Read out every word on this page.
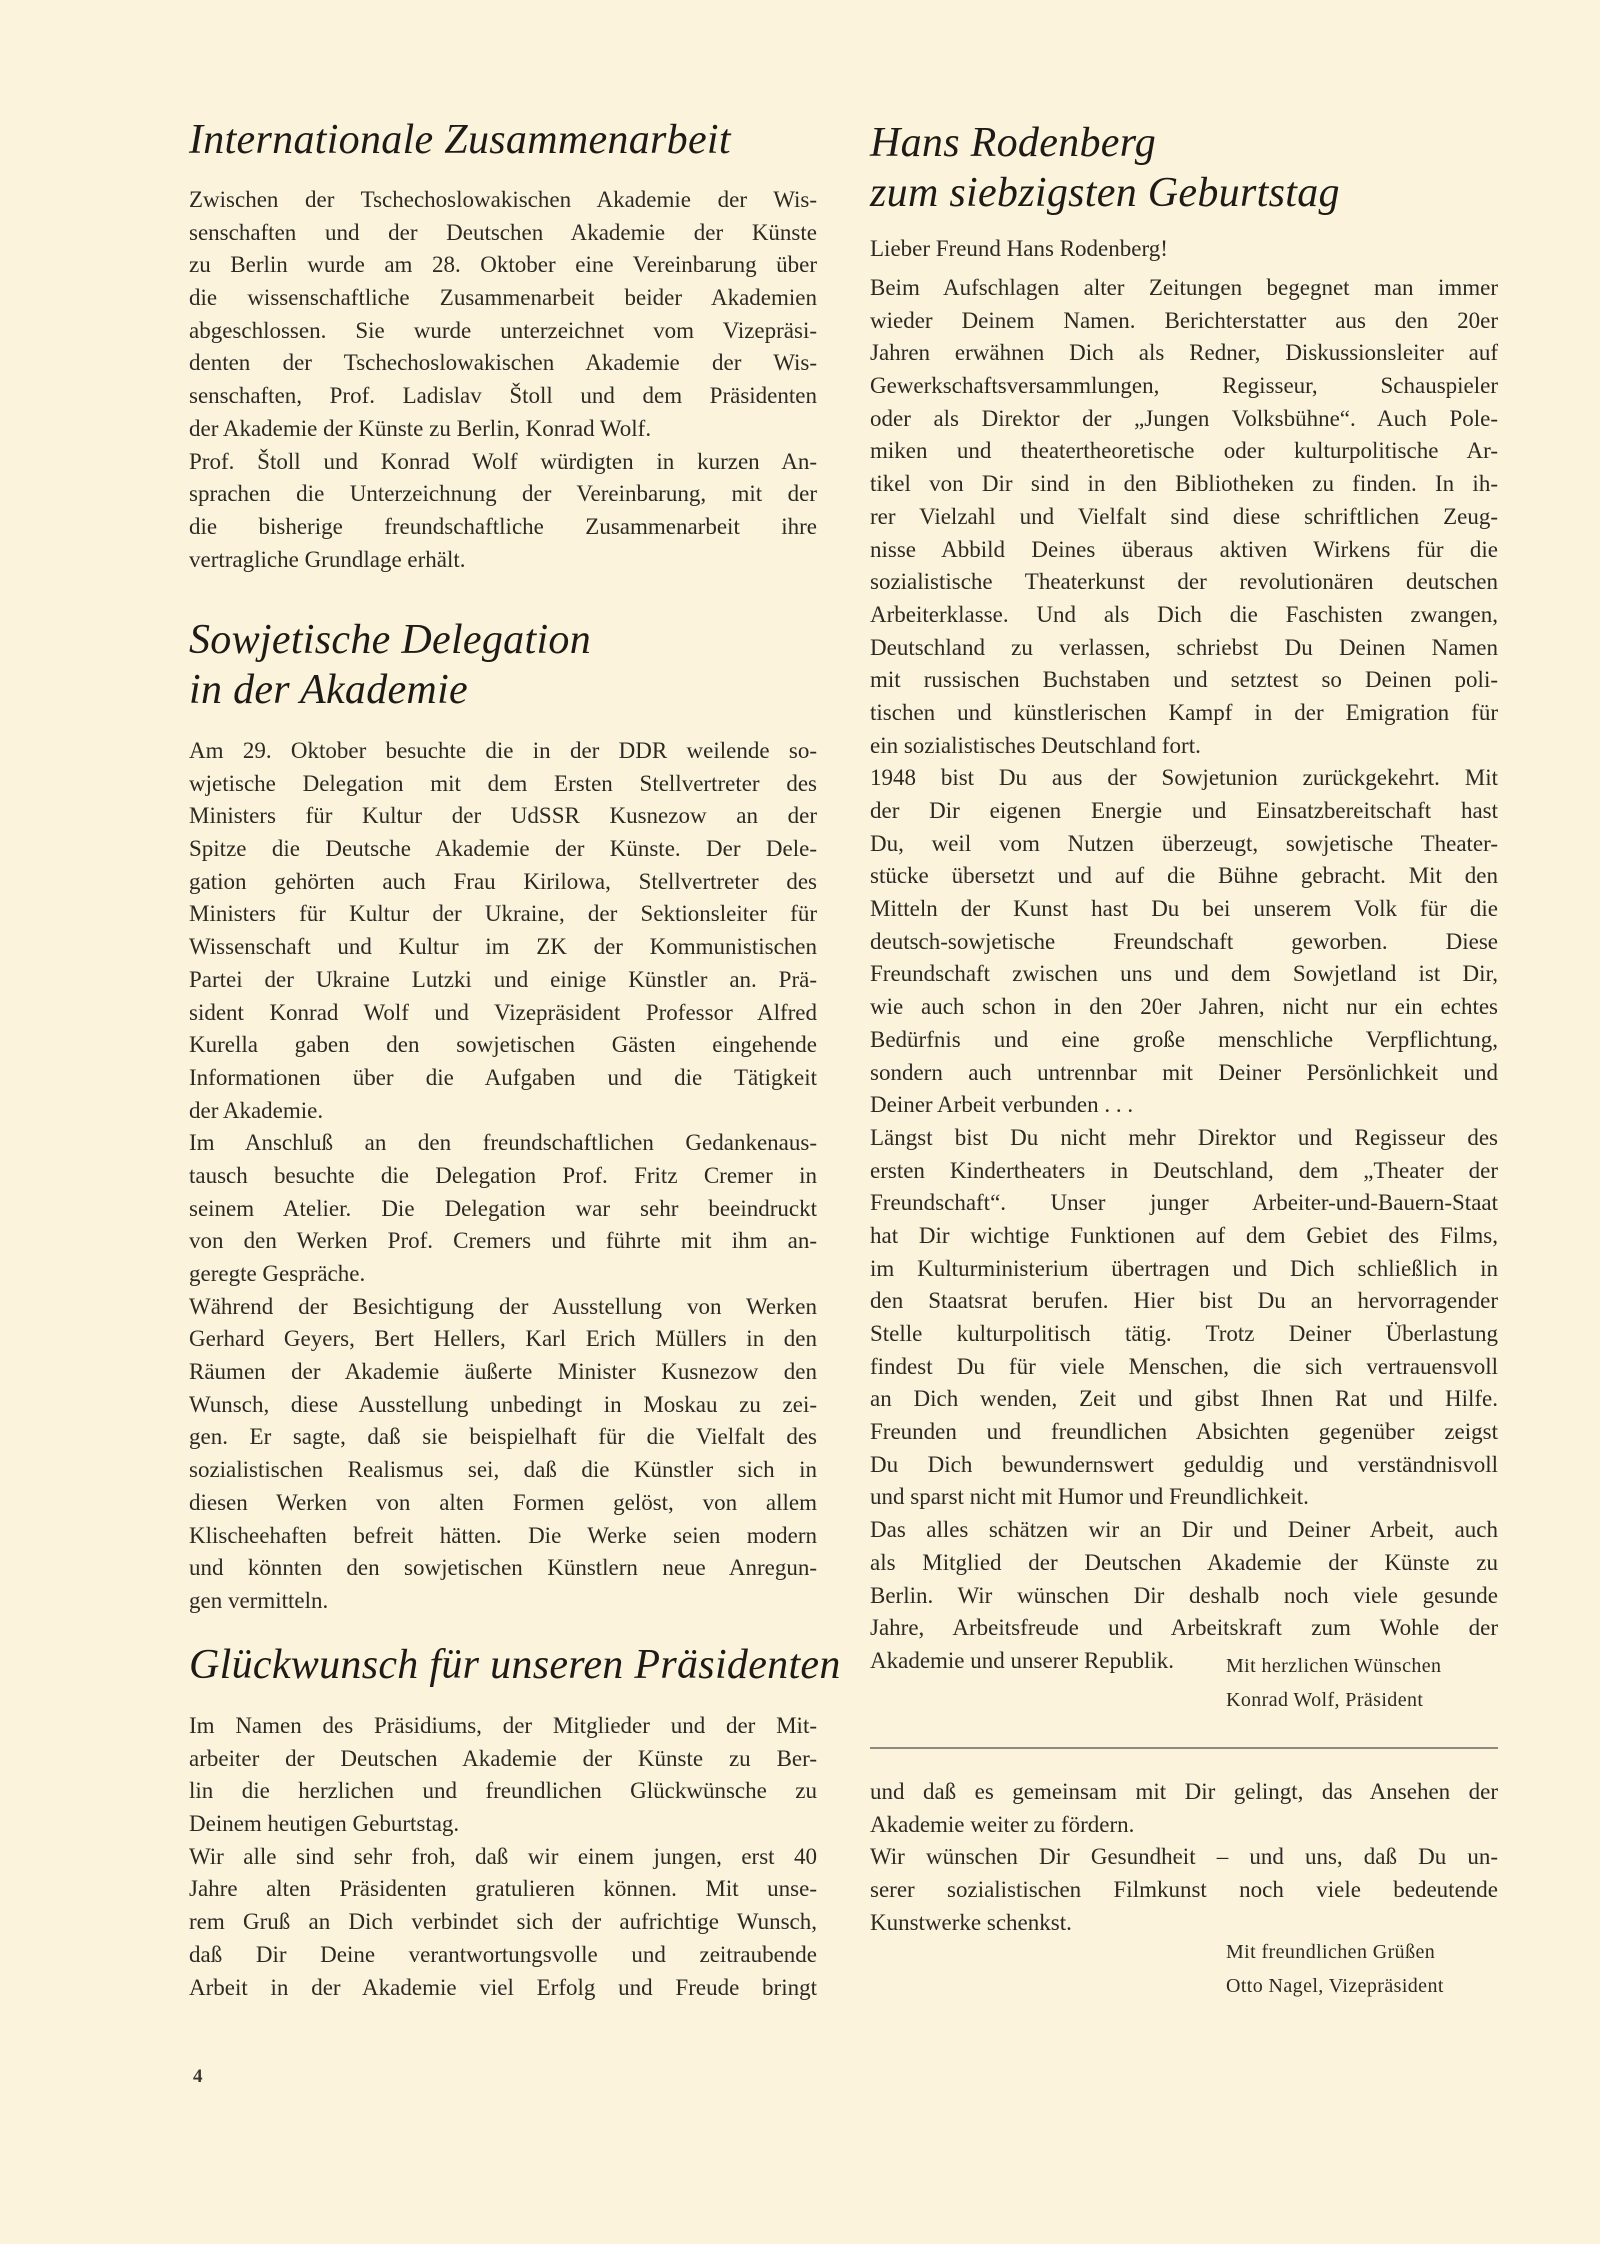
Internationale Zusammenarbeit
Zwischen der Tschechoslowakischen Akademie der Wis-
senschaften und der Deutschen Akademie der Künste
zu Berlin wurde am 28. Oktober eine Vereinbarung über
die wissenschaftliche Zusammenarbeit beider Akademien
abgeschlossen. Sie wurde unterzeichnet vom Vizepräsi-
denten der Tschechoslowakischen Akademie der Wis-
senschaften, Prof. Ladislav Štoll und dem Präsidenten
der Akademie der Künste zu Berlin, Konrad Wolf.
Prof. Štoll und Konrad Wolf würdigten in kurzen An-
sprachen die Unterzeichnung der Vereinbarung, mit der
die bisherige freundschaftliche Zusammenarbeit ihre
vertragliche Grundlage erhält.
Sowjetische Delegation
in der Akademie
Am 29. Oktober besuchte die in der DDR weilende so-
wjetische Delegation mit dem Ersten Stellvertreter des
Ministers für Kultur der UdSSR Kusnezow an der
Spitze die Deutsche Akademie der Künste. Der Dele-
gation gehörten auch Frau Kirilowa, Stellvertreter des
Ministers für Kultur der Ukraine, der Sektionsleiter für
Wissenschaft und Kultur im ZK der Kommunistischen
Partei der Ukraine Lutzki und einige Künstler an. Prä-
sident Konrad Wolf und Vizepräsident Professor Alfred
Kurella gaben den sowjetischen Gästen eingehende
Informationen über die Aufgaben und die Tätigkeit
der Akademie.
Im Anschluß an den freundschaftlichen Gedankenaus-
tausch besuchte die Delegation Prof. Fritz Cremer in
seinem Atelier. Die Delegation war sehr beeindruckt
von den Werken Prof. Cremers und führte mit ihm an-
geregte Gespräche.
Während der Besichtigung der Ausstellung von Werken
Gerhard Geyers, Bert Hellers, Karl Erich Müllers in den
Räumen der Akademie äußerte Minister Kusnezow den
Wunsch, diese Ausstellung unbedingt in Moskau zu zei-
gen. Er sagte, daß sie beispielhaft für die Vielfalt des
sozialistischen Realismus sei, daß die Künstler sich in
diesen Werken von alten Formen gelöst, von allem
Klischeehaften befreit hätten. Die Werke seien modern
und könnten den sowjetischen Künstlern neue Anregun-
gen vermitteln.
Glückwunsch für unseren Präsidenten
Im Namen des Präsidiums, der Mitglieder und der Mit-
arbeiter der Deutschen Akademie der Künste zu Ber-
lin die herzlichen und freundlichen Glückwünsche zu
Deinem heutigen Geburtstag.
Wir alle sind sehr froh, daß wir einem jungen, erst 40
Jahre alten Präsidenten gratulieren können. Mit unse-
rem Gruß an Dich verbindet sich der aufrichtige Wunsch,
daß Dir Deine verantwortungsvolle und zeitraubende
Arbeit in der Akademie viel Erfolg und Freude bringt
Hans Rodenberg
zum siebzigsten Geburtstag
Lieber Freund Hans Rodenberg!
Beim Aufschlagen alter Zeitungen begegnet man immer
wieder Deinem Namen. Berichterstatter aus den 20er
Jahren erwähnen Dich als Redner, Diskussionsleiter auf
Gewerkschaftsversammlungen, Regisseur, Schauspieler
oder als Direktor der „Jungen Volksbühne“. Auch Pole-
miken und theatertheoretische oder kulturpolitische Ar-
tikel von Dir sind in den Bibliotheken zu finden. In ih-
rer Vielzahl und Vielfalt sind diese schriftlichen Zeug-
nisse Abbild Deines überaus aktiven Wirkens für die
sozialistische Theaterkunst der revolutionären deutschen
Arbeiterklasse. Und als Dich die Faschisten zwangen,
Deutschland zu verlassen, schriebst Du Deinen Namen
mit russischen Buchstaben und setztest so Deinen poli-
tischen und künstlerischen Kampf in der Emigration für
ein sozialistisches Deutschland fort.
1948 bist Du aus der Sowjetunion zurückgekehrt. Mit
der Dir eigenen Energie und Einsatzbereitschaft hast
Du, weil vom Nutzen überzeugt, sowjetische Theater-
stücke übersetzt und auf die Bühne gebracht. Mit den
Mitteln der Kunst hast Du bei unserem Volk für die
deutsch-sowjetische Freundschaft geworben. Diese
Freundschaft zwischen uns und dem Sowjetland ist Dir,
wie auch schon in den 20er Jahren, nicht nur ein echtes
Bedürfnis und eine große menschliche Verpflichtung,
sondern auch untrennbar mit Deiner Persönlichkeit und
Deiner Arbeit verbunden . . .
Längst bist Du nicht mehr Direktor und Regisseur des
ersten Kindertheaters in Deutschland, dem „Theater der
Freundschaft“. Unser junger Arbeiter-und-Bauern-Staat
hat Dir wichtige Funktionen auf dem Gebiet des Films,
im Kulturministerium übertragen und Dich schließlich in
den Staatsrat berufen. Hier bist Du an hervorragender
Stelle kulturpolitisch tätig. Trotz Deiner Überlastung
findest Du für viele Menschen, die sich vertrauensvoll
an Dich wenden, Zeit und gibst Ihnen Rat und Hilfe.
Freunden und freundlichen Absichten gegenüber zeigst
Du Dich bewundernswert geduldig und verständnisvoll
und sparst nicht mit Humor und Freundlichkeit.
Das alles schätzen wir an Dir und Deiner Arbeit, auch
als Mitglied der Deutschen Akademie der Künste zu
Berlin. Wir wünschen Dir deshalb noch viele gesunde
Jahre, Arbeitsfreude und Arbeitskraft zum Wohle der
Akademie und unserer Republik.	Mit herzlichen Wünschen
Konrad Wolf, Präsident
und daß es gemeinsam mit Dir gelingt, das Ansehen der
Akademie weiter zu fördern.
Wir wünschen Dir Gesundheit – und uns, daß Du un-
serer sozialistischen Filmkunst noch viele bedeutende
Kunstwerke schenkst.
Mit freundlichen Grüßen
Otto Nagel, Vizepräsident
4
